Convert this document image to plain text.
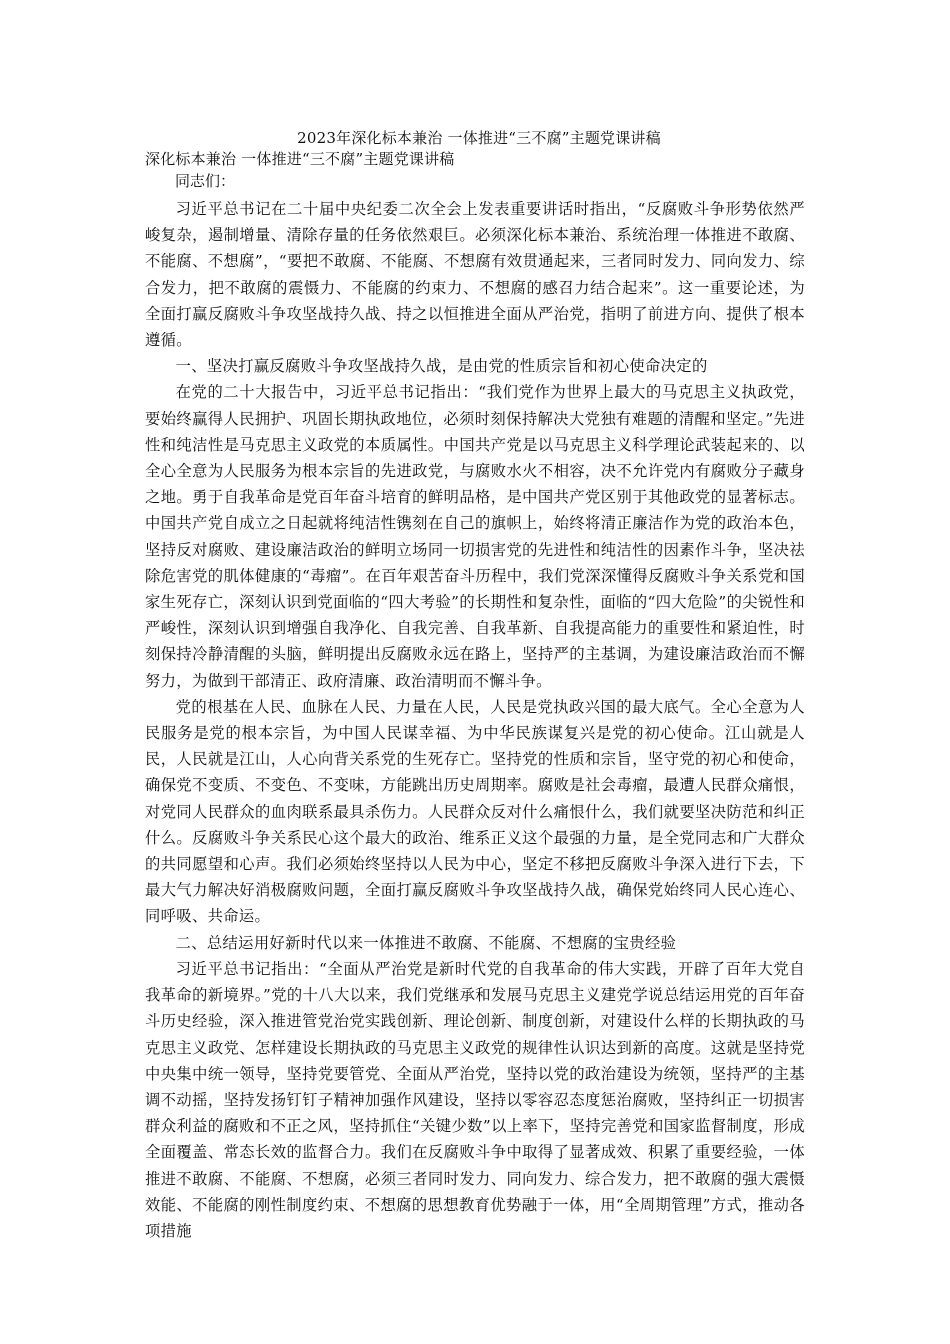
2023年深化标本兼治 一体推进“三不腐”主题党课讲稿

深化标本兼治 一体推进“三不腐”主题党课讲稿

同志们：

习近平总书记在二十届中央纪委二次全会上发表重要讲话时指出，“反腐败斗争形势依然严峻复杂，遏制增量、清除存量的任务依然艰巨。必须深化标本兼治、系统治理一体推进不敢腐、不能腐、不想腐”，“要把不敢腐、不能腐、不想腐有效贯通起来，三者同时发力、同向发力、综合发力，把不敢腐的震慑力、不能腐的约束力、不想腐的感召力结合起来”。这一重要论述，为全面打赢反腐败斗争攻坚战持久战、持之以恒推进全面从严治党，指明了前进方向、提供了根本遵循。

一、坚决打赢反腐败斗争攻坚战持久战，是由党的性质宗旨和初心使命决定的

在党的二十大报告中，习近平总书记指出：“我们党作为世界上最大的马克思主义执政党，要始终赢得人民拥护、巩固长期执政地位，必须时刻保持解决大党独有难题的清醒和坚定。”先进性和纯洁性是马克思主义政党的本质属性。中国共产党是以马克思主义科学理论武装起来的、以全心全意为人民服务为根本宗旨的先进政党，与腐败水火不相容，决不允许党内有腐败分子藏身之地。勇于自我革命是党百年奋斗培育的鲜明品格，是中国共产党区别于其他政党的显著标志。中国共产党自成立之日起就将纯洁性镌刻在自己的旗帜上，始终将清正廉洁作为党的政治本色，坚持反对腐败、建设廉洁政治的鲜明立场同一切损害党的先进性和纯洁性的因素作斗争，坚决祛除危害党的肌体健康的“毒瘤”。在百年艰苦奋斗历程中，我们党深深懂得反腐败斗争关系党和国家生死存亡，深刻认识到党面临的“四大考验”的长期性和复杂性，面临的“四大危险”的尖锐性和严峻性，深刻认识到增强自我净化、自我完善、自我革新、自我提高能力的重要性和紧迫性，时刻保持冷静清醒的头脑，鲜明提出反腐败永远在路上，坚持严的主基调，为建设廉洁政治而不懈努力，为做到干部清正、政府清廉、政治清明而不懈斗争。

党的根基在人民、血脉在人民、力量在人民，人民是党执政兴国的最大底气。全心全意为人民服务是党的根本宗旨，为中国人民谋幸福、为中华民族谋复兴是党的初心使命。江山就是人民，人民就是江山，人心向背关系党的生死存亡。坚持党的性质和宗旨，坚守党的初心和使命，确保党不变质、不变色、不变味，方能跳出历史周期率。腐败是社会毒瘤，最遭人民群众痛恨，对党同人民群众的血肉联系最具杀伤力。人民群众反对什么痛恨什么，我们就要坚决防范和纠正什么。反腐败斗争关系民心这个最大的政治、维系正义这个最强的力量，是全党同志和广大群众的共同愿望和心声。我们必须始终坚持以人民为中心，坚定不移把反腐败斗争深入进行下去，下最大气力解决好消极腐败问题，全面打赢反腐败斗争攻坚战持久战，确保党始终同人民心连心、同呼吸、共命运。

二、总结运用好新时代以来一体推进不敢腐、不能腐、不想腐的宝贵经验

习近平总书记指出：“全面从严治党是新时代党的自我革命的伟大实践，开辟了百年大党自我革命的新境界。”党的十八大以来，我们党继承和发展马克思主义建党学说总结运用党的百年奋斗历史经验，深入推进管党治党实践创新、理论创新、制度创新，对建设什么样的长期执政的马克思主义政党、怎样建设长期执政的马克思主义政党的规律性认识达到新的高度。这就是坚持党中央集中统一领导，坚持党要管党、全面从严治党，坚持以党的政治建设为统领，坚持严的主基调不动摇，坚持发扬钉钉子精神加强作风建设，坚持以零容忍态度惩治腐败，坚持纠正一切损害群众利益的腐败和不正之风，坚持抓住“关键少数”以上率下，坚持完善党和国家监督制度，形成全面覆盖、常态长效的监督合力。我们在反腐败斗争中取得了显著成效、积累了重要经验，一体推进不敢腐、不能腐、不想腐，必须三者同时发力、同向发力、综合发力，把不敢腐的强大震慑效能、不能腐的刚性制度约束、不想腐的思想教育优势融于一体，用“全周期管理”方式，推动各项措施
